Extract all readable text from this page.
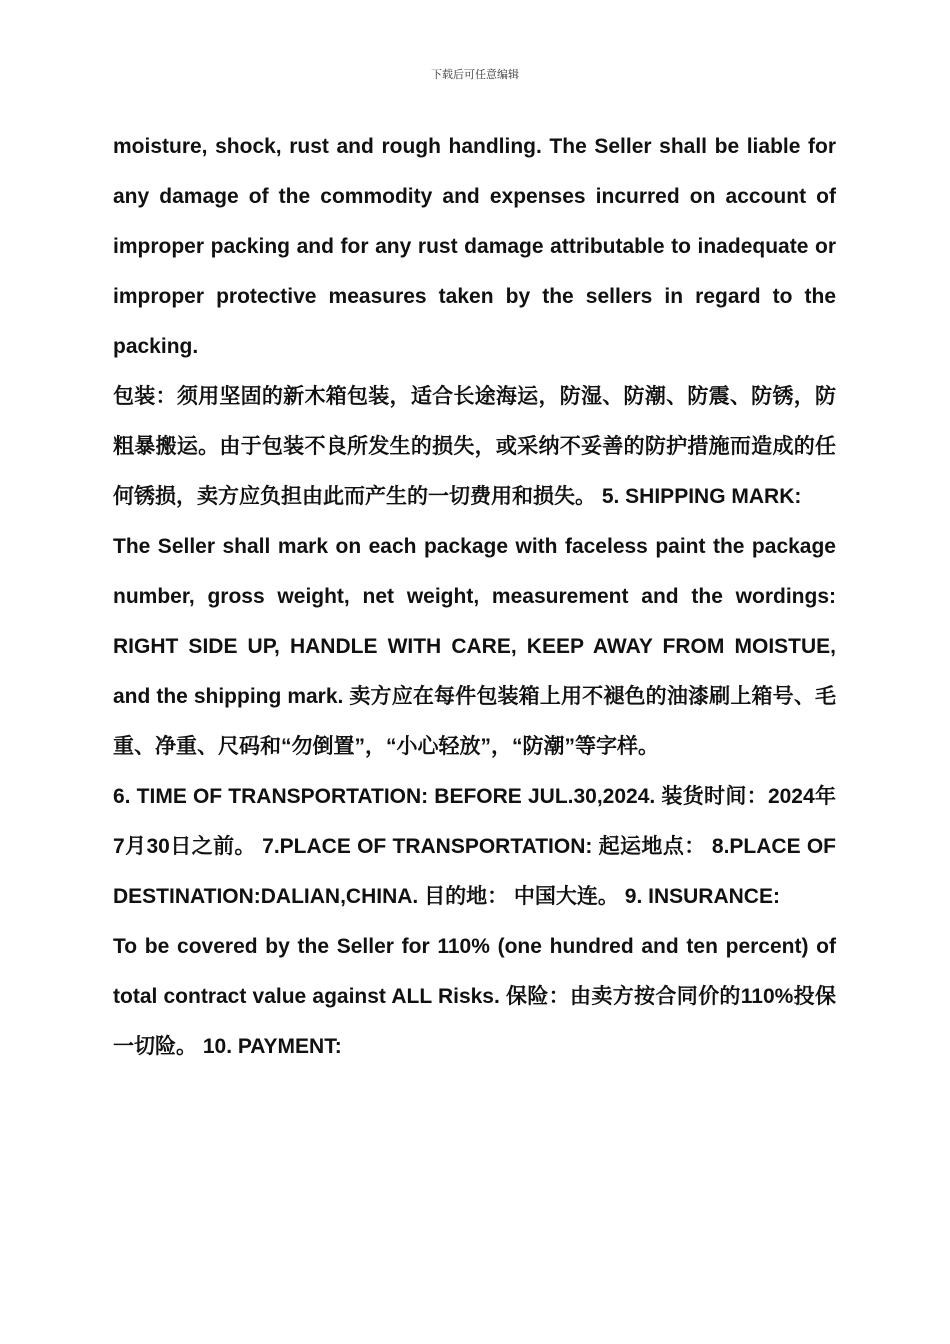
下载后可任意编辑

moisture, shock, rust and rough handling. The Seller shall be liable for any damage of the commodity and expenses incurred on account of improper packing and for any rust damage attributable to inadequate or improper protective measures taken by the sellers in regard to the packing.

包装：须用坚固的新木箱包装，适合长途海运，防湿、防潮、防震、防锈，防粗暴搬运。由于包装不良所发生的损失，或采纳不妥善的防护措施而造成的任何锈损，卖方应负担由此而产生的一切费用和损失。 5. SHIPPING MARK:

The Seller shall mark on each package with faceless paint the package number, gross weight, net weight, measurement and the wordings: RIGHT SIDE UP, HANDLE WITH CARE, KEEP AWAY FROM MOISTUE, and the shipping mark. 卖方应在每件包装箱上用不褪色的油漆刷上箱号、毛重、净重、尺码和“勿倒置”，“小心轻放”，“防潮”等字样。

6. TIME OF TRANSPORTATION: BEFORE JUL.30,2024. 装货时间：2024年7月30日之前。 7.PLACE OF TRANSPORTATION: 起运地点： 8.PLACE OF DESTINATION:DALIAN,CHINA. 目的地： 中国大连。 9. INSURANCE:

To be covered by the Seller for 110% (one hundred and ten percent) of total contract value against ALL Risks. 保险：由卖方按合同价的110%投保一切险。 10. PAYMENT:
